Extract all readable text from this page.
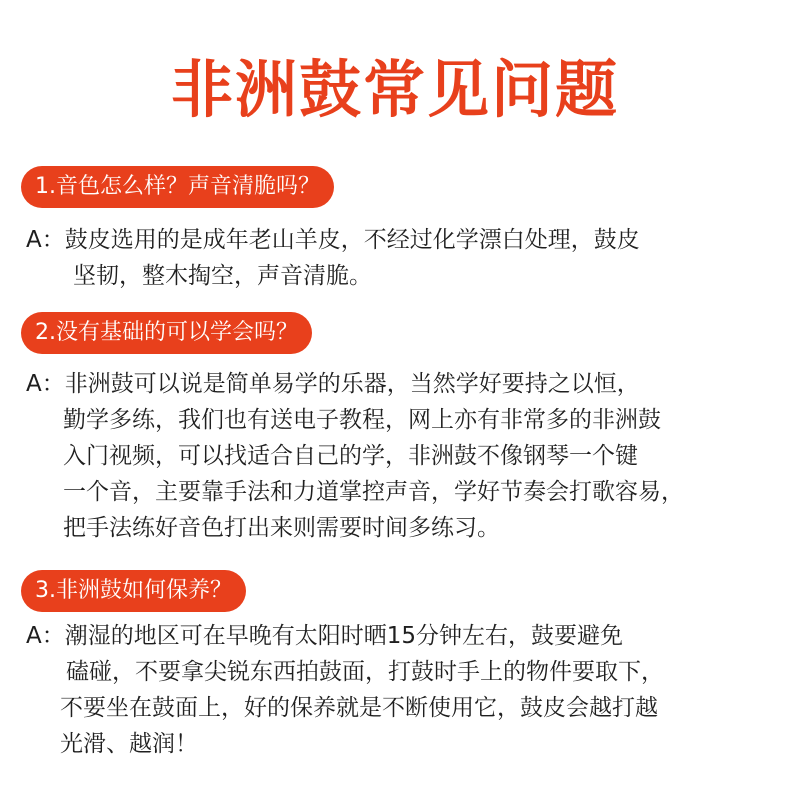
非洲鼓常见问题
1.音色怎么样？声音清脆吗？
A：鼓皮选用的是成年老山羊皮，不经过化学漂白处理，鼓皮
坚韧，整木掏空，声音清脆。
2.没有基础的可以学会吗？
A：非洲鼓可以说是简单易学的乐器，当然学好要持之以恒，
勤学多练，我们也有送电子教程，网上亦有非常多的非洲鼓
入门视频，可以找适合自己的学，非洲鼓不像钢琴一个键
一个音，主要靠手法和力道掌控声音，学好节奏会打歌容易，
把手法练好音色打出来则需要时间多练习。
3.非洲鼓如何保养？
A：潮湿的地区可在早晚有太阳时晒15分钟左右，鼓要避免
磕碰，不要拿尖锐东西拍鼓面，打鼓时手上的物件要取下，
不要坐在鼓面上，好的保养就是不断使用它，鼓皮会越打越
光滑、越润！
